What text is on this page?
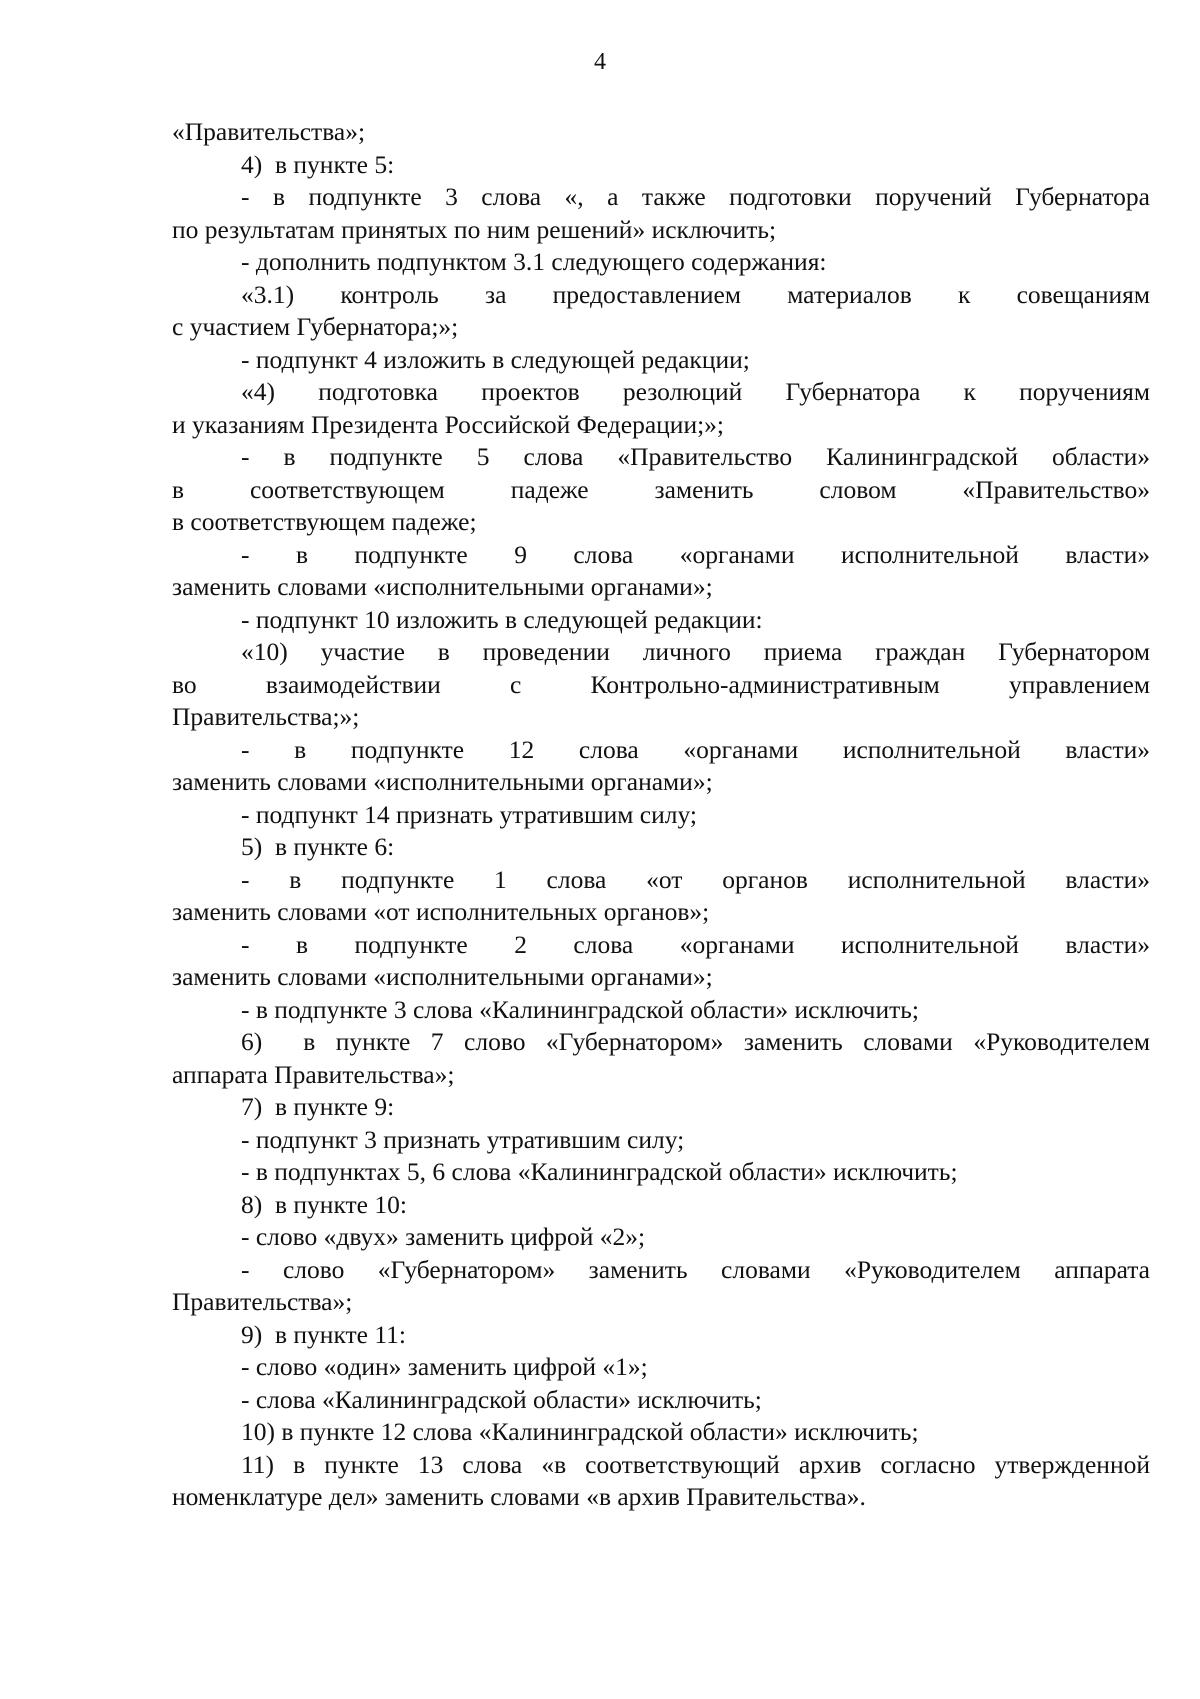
4
«Правительства»;
4)  в пункте 5:
- в подпункте 3 слова «, а также подготовки поручений Губернатора
по результатам принятых по ним решений» исключить;
- дополнить подпунктом 3.1 следующего содержания:
«3.1) контроль за предоставлением материалов к совещаниям
с участием Губернатора;»;
- подпункт 4 изложить в следующей редакции;
«4) подготовка проектов резолюций Губернатора к поручениям
и указаниям Президента Российской Федерации;»;
- в подпункте 5 слова «Правительство Калининградской области»
в соответствующем падеже заменить словом «Правительство»
в соответствующем падеже;
- в подпункте 9 слова «органами исполнительной власти»
заменить словами «исполнительными органами»;
- подпункт 10 изложить в следующей редакции:
«10) участие в проведении личного приема граждан Губернатором
во взаимодействии с Контрольно-административным управлением
Правительства;»;
- в подпункте 12 слова «органами исполнительной власти»
заменить словами «исполнительными органами»;
- подпункт 14 признать утратившим силу;
5)  в пункте 6:
- в подпункте 1 слова «от органов исполнительной власти»
заменить словами «от исполнительных органов»;
- в подпункте 2 слова «органами исполнительной власти»
заменить словами «исполнительными органами»;
- в подпункте 3 слова «Калининградской области» исключить;
6)  в пункте 7 слово «Губернатором» заменить словами «Руководителем
аппарата Правительства»;
7)  в пункте 9:
- подпункт 3 признать утратившим силу;
- в подпунктах 5, 6 слова «Калининградской области» исключить;
8)  в пункте 10:
- слово «двух» заменить цифрой «2»;
- слово «Губернатором» заменить словами «Руководителем аппарата
Правительства»;
9)  в пункте 11:
- слово «один» заменить цифрой «1»;
- слова «Калининградской области» исключить;
10) в пункте 12 слова «Калининградской области» исключить;
11) в пункте 13 слова «в соответствующий архив согласно утвержденной
номенклатуре дел» заменить словами «в архив Правительства».
